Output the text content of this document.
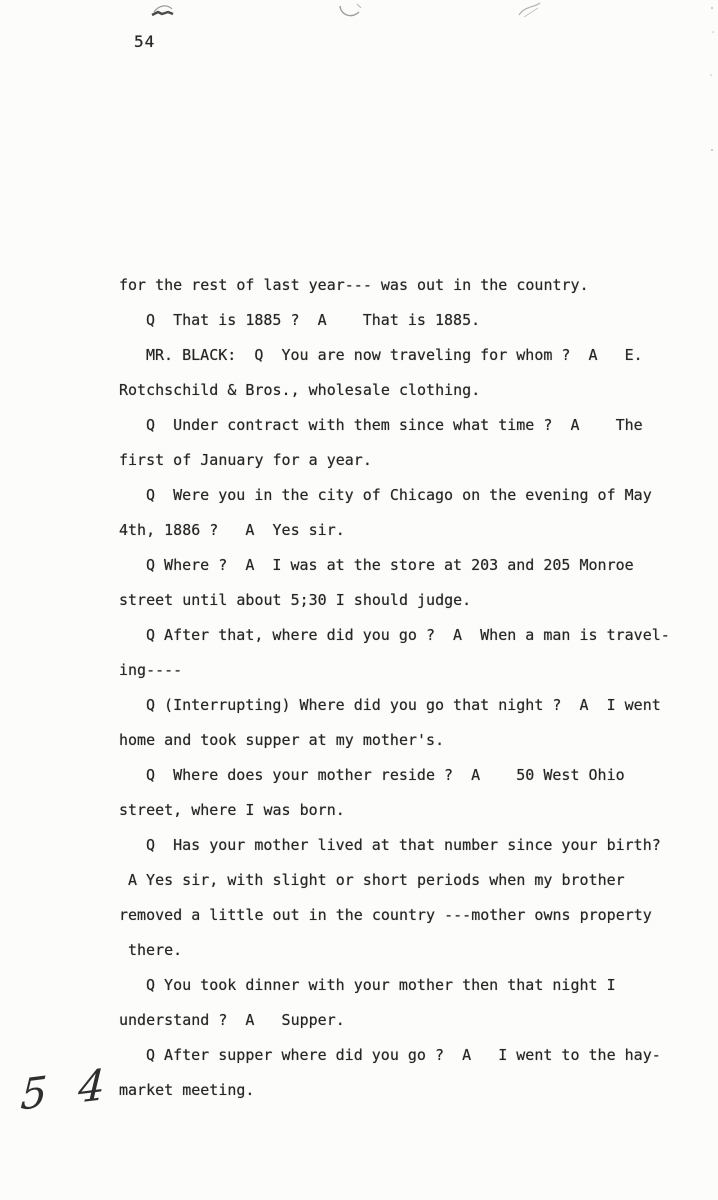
54
for the rest of last year--- was out in the country.
Q  That is 1885 ?  A    That is 1885.
MR. BLACK:  Q  You are now traveling for whom ?  A   E.
Rotchschild & Bros., wholesale clothing.
Q  Under contract with them since what time ?  A    The
first of January for a year.
Q  Were you in the city of Chicago on the evening of May
4th, 1886 ?   A  Yes sir.
Q Where ?  A  I was at the store at 203 and 205 Monroe
street until about 5;30 I should judge.
Q After that, where did you go ?  A  When a man is travel-
ing----
Q (Interrupting) Where did you go that night ?  A  I went
home and took supper at my mother's.
Q  Where does your mother reside ?  A    50 West Ohio
street, where I was born.
Q  Has your mother lived at that number since your birth?
A Yes sir, with slight or short periods when my brother
removed a little out in the country ---mother owns property
there.
Q You took dinner with your mother then that night I
understand ?  A   Supper.
Q After supper where did you go ?  A   I went to the hay-
market meeting.
5 4
